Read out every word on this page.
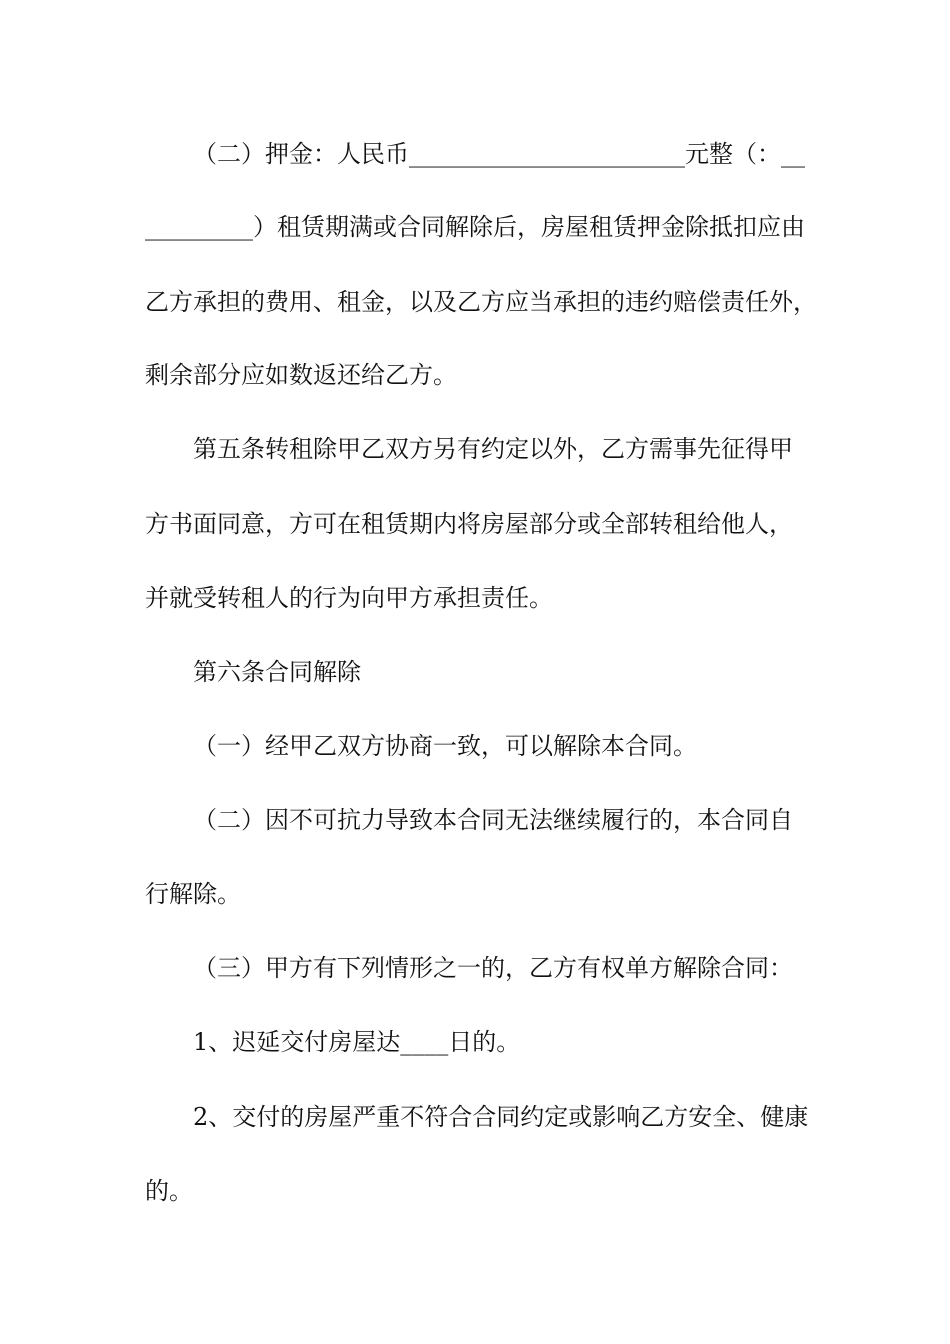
（二）押金：人民币_______________________元整（：__
_________）租赁期满或合同解除后，房屋租赁押金除抵扣应由
乙方承担的费用、租金，以及乙方应当承担的违约赔偿责任外，
剩余部分应如数返还给乙方。
第五条转租除甲乙双方另有约定以外，乙方需事先征得甲
方书面同意，方可在租赁期内将房屋部分或全部转租给他人，
并就受转租人的行为向甲方承担责任。
第六条合同解除
（一）经甲乙双方协商一致，可以解除本合同。
（二）因不可抗力导致本合同无法继续履行的，本合同自
行解除。
（三）甲方有下列情形之一的，乙方有权单方解除合同：
1、迟延交付房屋达____日的。
2、交付的房屋严重不符合合同约定或影响乙方安全、健康
的。
